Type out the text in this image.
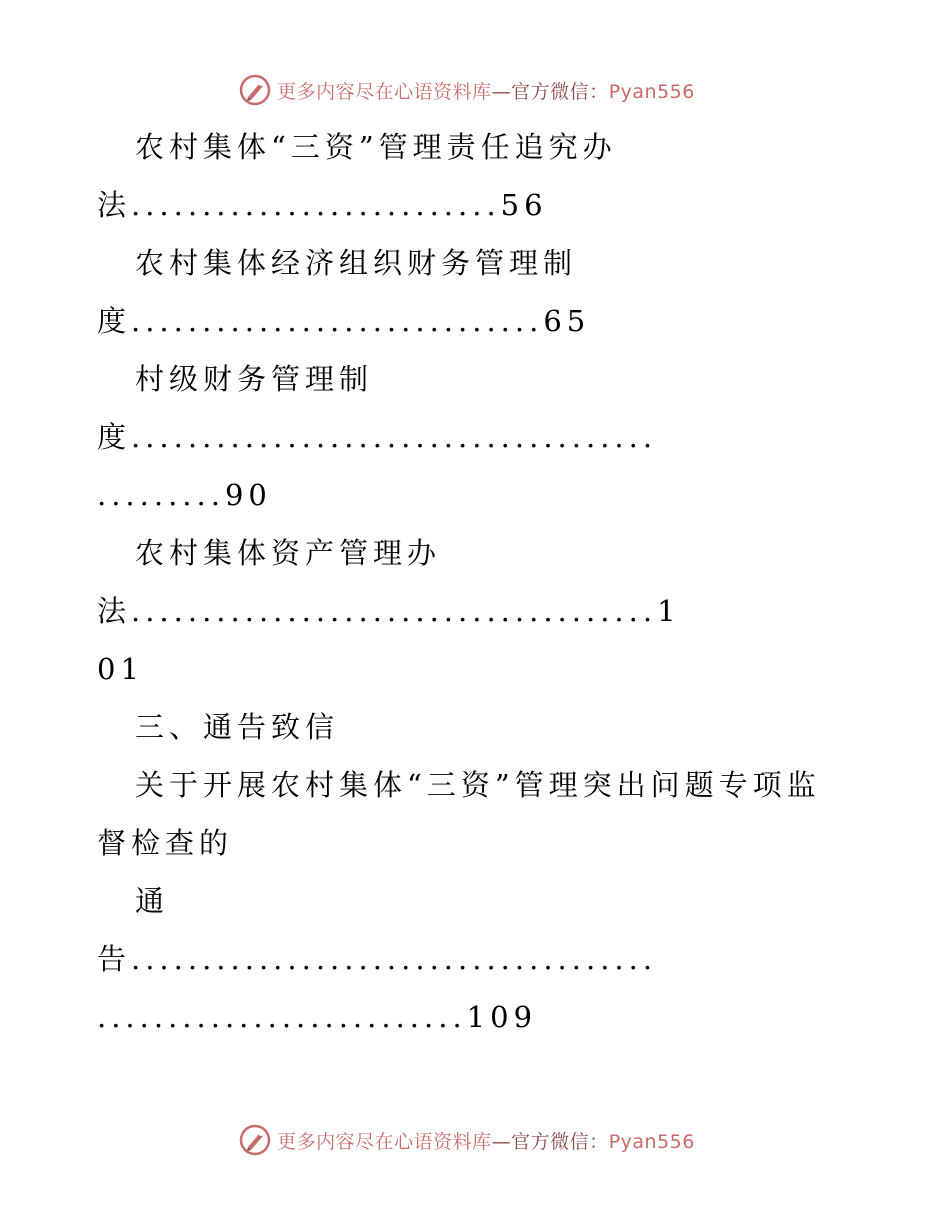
更多内容尽在心语资料库—官方微信：Pyan556
农村集体“三资”管理责任追究办
法..........................56
农村集体经济组织财务管理制
度.............................65
村级财务管理制
度.....................................
.........90
农村集体资产管理办
法.....................................1
01
三、通告致信
关于开展农村集体“三资”管理突出问题专项监
督检查的
通
告.....................................
..........................109
更多内容尽在心语资料库—官方微信：Pyan556
